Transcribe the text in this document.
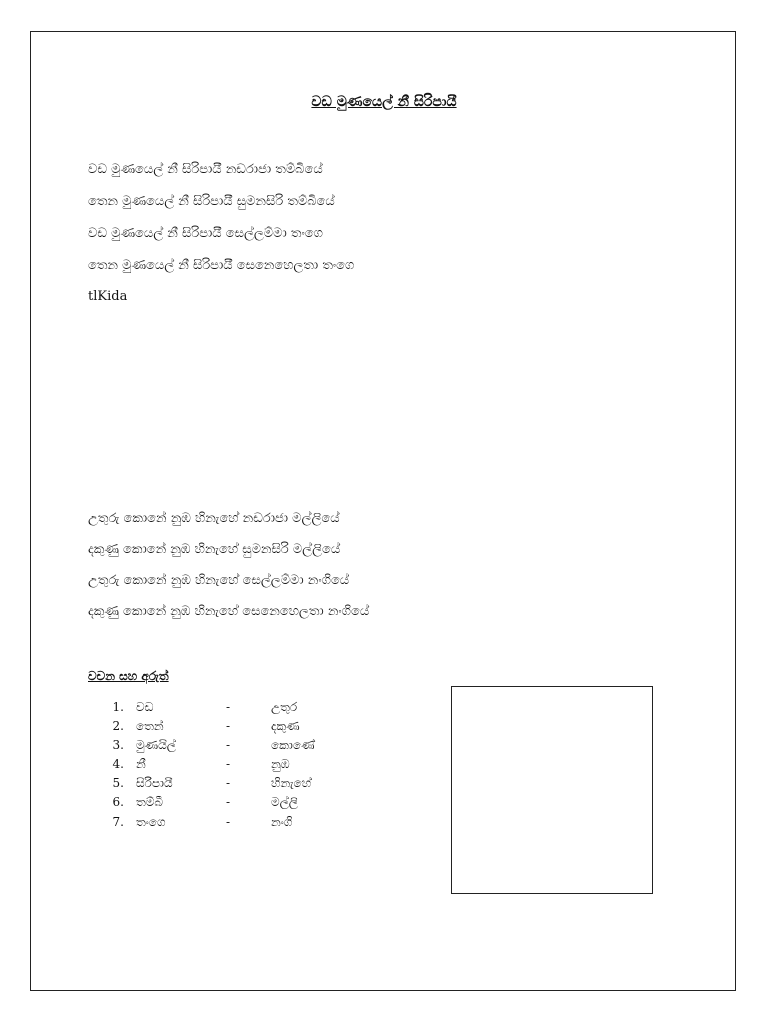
වඩ මුණයෙල් නී සිරිපායී
වඩ මුණයෙල් නී සිරිපායී නඩරාජා තම්බියේ
තෙන මුණයෙල් නී සිරිපායී සුමනසිරි තම්බියේ
වඩ මුණයෙල් නී සිරිපායී සෙල්ලම්මා තංගෙ
තෙන මුණයෙල් නී සිරිපායී සෙනෙහෙලතා තංගෙ
tlKida
උතුරු කොනේ නුඹ හිනැහේ නඩරාජා මල්ලියේ
දකුණු කොනේ නුඹ හිනැහේ සුමනසිරි මල්ලියේ
උතුරු කොනේ නුඹ හිනැහේ සෙල්ලම්මා නංගියේ
දකුණු කොනේ නුඹ හිනැහේ සෙනෙහෙලතා නංගියේ
වචන සහ අරුත්
1. වඩ	-	උතුර
2. තෙන්	-	දකුණ
3. මුණයිල්	-	කොණේ
4. නී	-	නුඹ
5. සිරිපායී	-	හිනැහේ
6. තම්බී	-	මල්ලි
7. තංගෙ	-	නංගි
